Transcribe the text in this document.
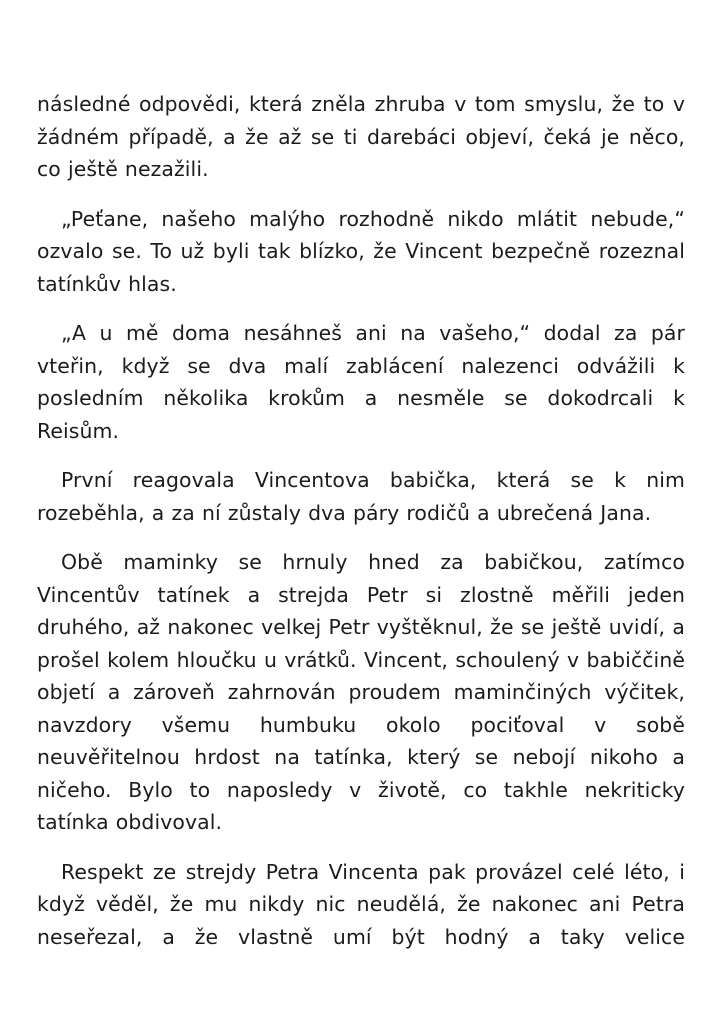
následné odpovědi, která zněla zhruba v tom smyslu, že to v žádném případě, a že až se ti darebáci objeví, čeká je něco, co ještě nezažili.

„Peťane, našeho malýho rozhodně nikdo mlátit nebude,“ ozvalo se. To už byli tak blízko, že Vincent bezpečně rozeznal tatínkův hlas.

„A u mě doma nesáhneš ani na vašeho,“ dodal za pár vteřin, když se dva malí zablácení nalezenci odvážili k posledním několika krokům a nesměle se dokodrcali k Reisům.

První reagovala Vincentova babička, která se k nim rozeběhla, a za ní zůstaly dva páry rodičů a ubrečená Jana.

Obě maminky se hrnuly hned za babičkou, zatímco Vincentův tatínek a strejda Petr si zlostně měřili jeden druhého, až nakonec velkej Petr vyštěknul, že se ještě uvidí, a prošel kolem hloučku u vrátků. Vincent, schoulený v babiččině objetí a zároveň zahrnován proudem maminčiných výčitek, navzdory všemu humbuku okolo pociťoval v sobě neuvěřitelnou hrdost na tatínka, který se nebojí nikoho a ničeho. Bylo to naposledy v životě, co takhle nekriticky tatínka obdivoval.

Respekt ze strejdy Petra Vincenta pak provázel celé léto, i když věděl, že mu nikdy nic neudělá, že nakonec ani Petra neseřezal, a že vlastně umí být hodný a taky velice
